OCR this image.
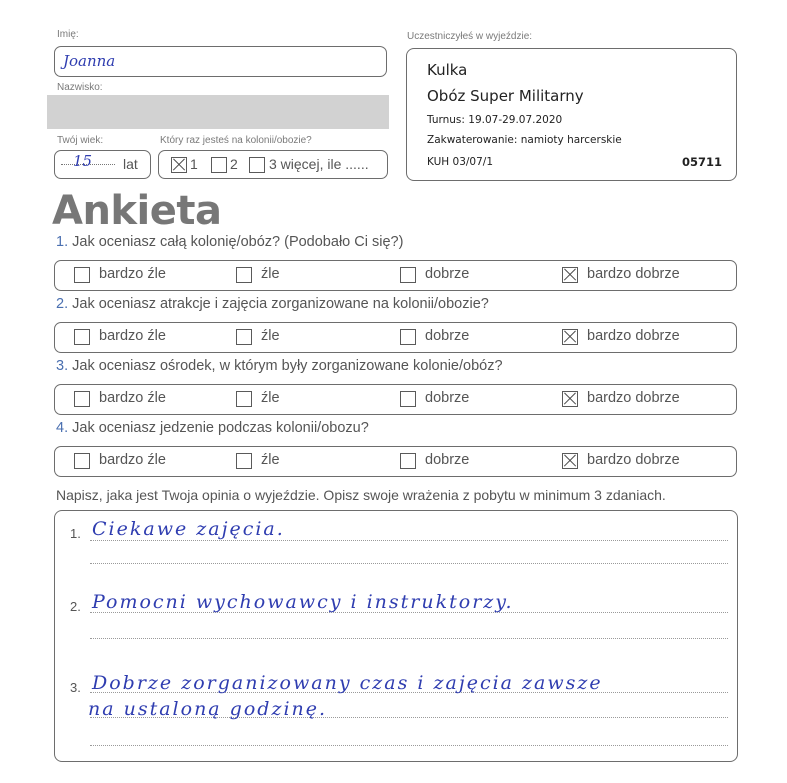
Imię:
Joanna
Nazwisko:
Twój wiek:
15 lat
Który raz jesteś na kolonii/obozie?
1 2 3 więcej, ile ......
Uczestniczyłeś w wyjeździe:
Kulka
Obóz Super Militarny
Turnus: 19.07-29.07.2020
Zakwaterowanie: namioty harcerskie
KUH 03/07/1	05711
Ankieta
1. Jak oceniasz całą kolonię/obóz? (Podobało Ci się?)
bardzo źle	źle	dobrze	bardzo dobrze
2. Jak oceniasz atrakcje i zajęcia zorganizowane na kolonii/obozie?
bardzo źle	źle	dobrze	bardzo dobrze
3. Jak oceniasz ośrodek, w którym były zorganizowane kolonie/obóz?
bardzo źle	źle	dobrze	bardzo dobrze
4. Jak oceniasz jedzenie podczas kolonii/obozu?
bardzo źle	źle	dobrze	bardzo dobrze
Napisz, jaka jest Twoja opinia o wyjeździe. Opisz swoje wrażenia z pobytu w minimum 3 zdaniach.
1. Ciekawe zajęcia.
2. Pomocni wychowawcy i instruktorzy.
3. Dobrze zorganizowany czas i zajęcia zawsze
na ustaloną godzinę.
